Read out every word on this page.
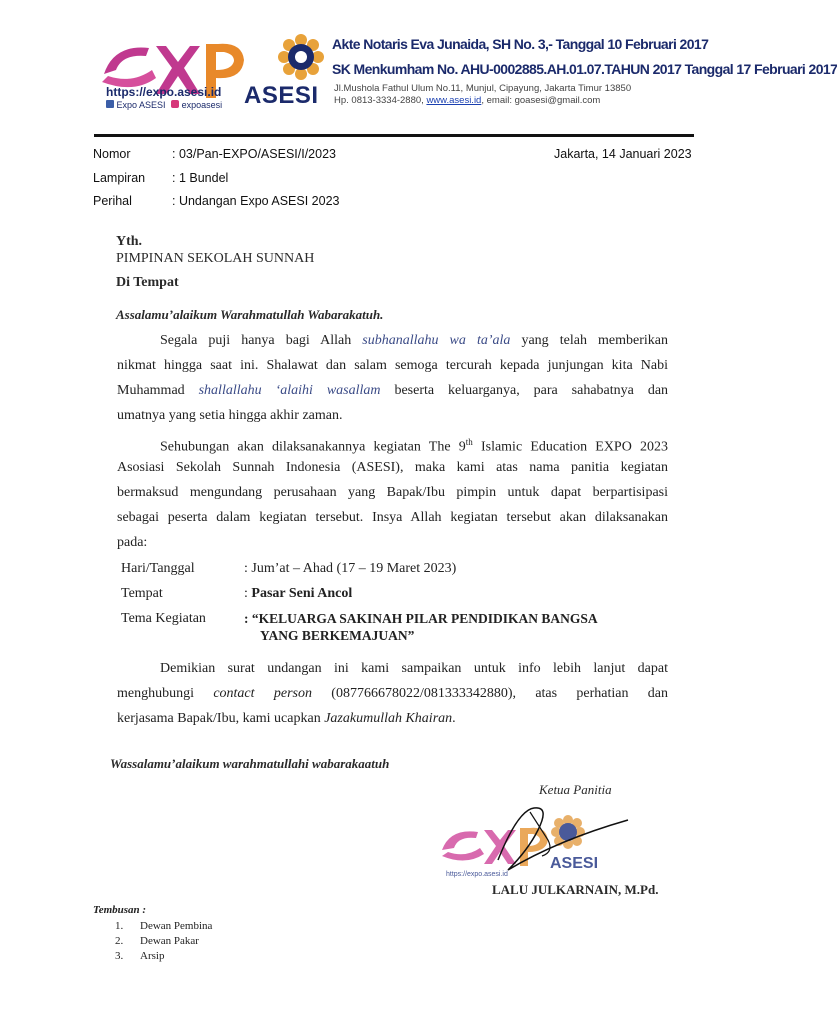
https://expo.asesi.id
Expo ASESI expoasesi ASESI
Akte Notaris Eva Junaida, SH No. 3,- Tanggal 10 Februari 2017
SK Menkumham No. AHU-0002885.AH.01.07.TAHUN 2017 Tanggal 17 Februari 2017
Jl.Mushola Fathul Ulum No.11, Munjul, Cipayung, Jakarta Timur 13850
Hp. 0813-3334-2880, www.asesi.id, email: goasesi@gmail.com
Nomor	: 03/Pan-EXPO/ASESI/I/2023	Jakarta, 14 Januari 2023
Lampiran : 1 Bundel
Perihal	: Undangan Expo ASESI 2023
Yth.
PIMPINAN SEKOLAH SUNNAH
Di Tempat
Assalamu’alaikum Warahmatullah Wabarakatuh.
Segala puji hanya bagi Allah subhanallahu wa ta’ala yang telah memberikan
nikmat hingga saat ini. Shalawat dan salam semoga tercurah kepada junjungan kita Nabi
Muhammad shallallahu ‘alaihi wasallam beserta keluarganya, para sahabatnya dan
umatnya yang setia hingga akhir zaman.
Sehubungan akan dilaksanakannya kegiatan The 9th Islamic Education EXPO 2023
Asosiasi Sekolah Sunnah Indonesia (ASESI), maka kami atas nama panitia kegiatan
bermaksud mengundang perusahaan yang Bapak/Ibu pimpin untuk dapat berpartisipasi
sebagai peserta dalam kegiatan tersebut. Insya Allah kegiatan tersebut akan dilaksanakan
pada:
Hari/Tanggal	: Jum’at – Ahad (17 – 19 Maret 2023)
Tempat	: Pasar Seni Ancol
Tema Kegiatan	: “KELUARGA SAKINAH PILAR PENDIDIKAN BANGSA
YANG BERKEMAJUAN”
Demikian surat undangan ini kami sampaikan untuk info lebih lanjut dapat
menghubungi contact person (087766678022/081333342880), atas perhatian dan
kerjasama Bapak/Ibu, kami ucapkan Jazakumullah Khairan.
Wassalamu’alaikum warahmatullahi wabarakaatuh
Ketua Panitia
ASESI
https://expo.asesi.id
LALU JULKARNAIN, M.Pd.
Tembusan :
1. Dewan Pembina
2. Dewan Pakar
3. Arsip
